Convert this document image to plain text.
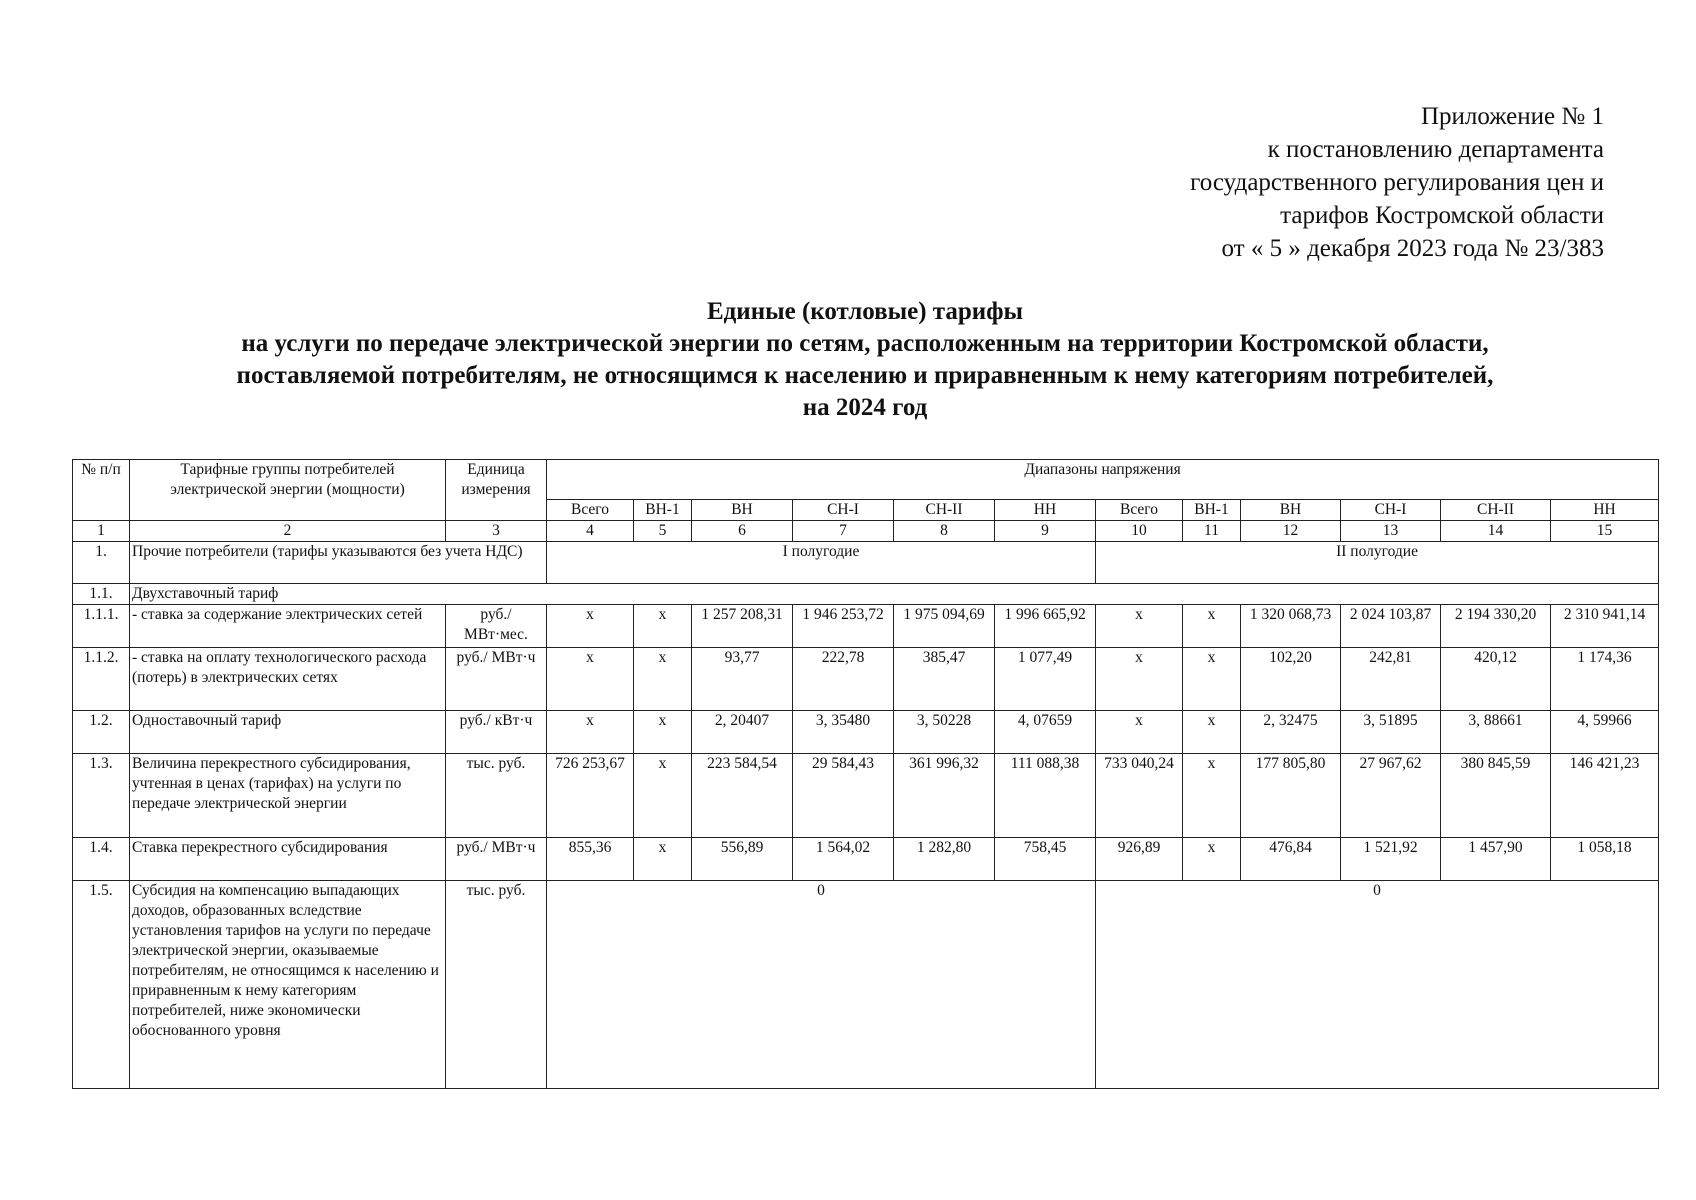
Приложение № 1
к постановлению департамента
государственного регулирования цен и
тарифов Костромской области
от « 5 » декабря 2023 года № 23/383
Единые (котловые) тарифы
на услуги по передаче электрической энергии по сетям, расположенным на территории Костромской области,
поставляемой потребителям, не относящимся к населению и приравненным к нему категориям потребителей,
на 2024 год
№ п/п	Тарифные группы потребителей электрической энергии (мощности)	Единица измерения	Диапазоны напряжения											
			Всего	ВН-1	ВН	СН-I	СН-II	НН	Всего	ВН-1	ВН	СН-I	СН-II	НН
1	2	3	4	5	6	7	8	9	10	11	12	13	14	15
1.	Прочие потребители (тарифы указываются без учета НДС)		I полугодие						II полугодие					
1.1.	Двухставочный тариф													
1.1.1.	- ставка за содержание электрических сетей	руб./ МВт·мес.	x	x	1 257 208,31	1 946 253,72	1 975 094,69	1 996 665,92	x	x	1 320 068,73	2 024 103,87	2 194 330,20	2 310 941,14
1.1.2.	- ставка на оплату технологического расхода (потерь) в электрических сетях	руб./ МВт·ч	x	x	93,77	222,78	385,47	1 077,49	x	x	102,20	242,81	420,12	1 174,36
1.2.	Одноставочный тариф	руб./ кВт·ч	x	x	2, 20407	3, 35480	3, 50228	4, 07659	x	x	2, 32475	3, 51895	3, 88661	4, 59966
1.3.	Величина перекрестного субсидирования, учтенная в ценах (тарифах) на услуги по передаче электрической энергии	тыс. руб.	726 253,67	x	223 584,54	29 584,43	361 996,32	111 088,38	733 040,24	x	177 805,80	27 967,62	380 845,59	146 421,23
1.4.	Ставка перекрестного субсидирования	руб./ МВт·ч	855,36	x	556,89	1 564,02	1 282,80	758,45	926,89	x	476,84	1 521,92	1 457,90	1 058,18
1.5.	Субсидия на компенсацию выпадающих доходов, образованных вследствие установления тарифов на услуги по передаче электрической энергии, оказываемые потребителям, не относящимся к населению и приравненным к нему категориям потребителей, ниже экономически обоснованного уровня	тыс. руб.	0						0					
